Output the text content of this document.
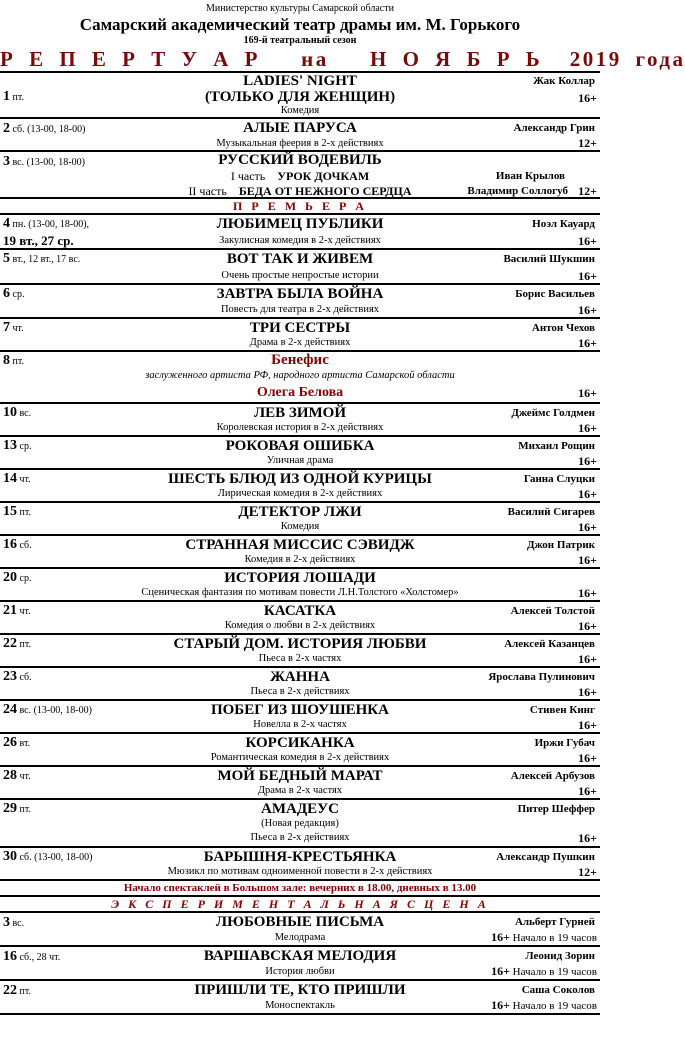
Министерство культуры Самарской области
Самарский академический театр драмы им. М. Горького
169-й театральный сезон
Р Е П Е Р Т У А Р   на   Н О Я Б Р Ь  2019 года
LADIES' NIGHT	Жак Коллар
1 пт.	(ТОЛЬКО ДЛЯ ЖЕНЩИН)	16+
Комедия
2 сб. (13-00, 18-00)	АЛЫЕ ПАРУСА	Александр Грин
Музыкальная феерия в 2-х действиях	12+
3 вс. (13-00, 18-00)	РУССКИЙ ВОДЕВИЛЬ
I часть УРОК ДОЧКАМ	Иван Крылов
II часть БЕДА ОТ НЕЖНОГО СЕРДЦА	Владимир Соллогуб 12+
П Р Е М Ь Е Р А
4 пн. (13-00, 18-00),
19 вт., 27 ср.
ЛЮБИМЕЦ ПУБЛИКИ	Ноэл Кауард
Закулисная комедия в 2-х действиях	16+
5 вт., 12 вт., 17 вс.	ВОТ ТАК И ЖИВЕМ	Василий Шукшин
Очень простые непростые истории	16+
6 ср.	ЗАВТРА БЫЛА ВОЙНА	Борис Васильев
Повесть для театра в 2-х действиях	16+
7 чт.	ТРИ СЕСТРЫ	Антон Чехов
Драма в 2-х действиях	16+
8 пт.	Бенефис
заслуженного артиста РФ, народного артиста Самарской области
Олега Белова	16+
10 вс.	ЛЕВ ЗИМОЙ	Джеймс Голдмен
Королевская история в 2-х действиях	16+
13 ср.	РОКОВАЯ ОШИБКА	Михаил Рощин
Уличная драма	16+
14 чт.	ШЕСТЬ БЛЮД ИЗ ОДНОЙ КУРИЦЫ	Ганна Слуцки
Лирическая комедия в 2-х действиях	16+
15 пт.	ДЕТЕКТОР ЛЖИ	Василий Сигарев
Комедия	16+
16 сб.	СТРАННАЯ МИССИС СЭВИДЖ	Джон Патрик
Комедия в 2-х действиях	16+
20 ср.	ИСТОРИЯ ЛОШАДИ
Сценическая фантазия по мотивам повести Л.Н.Толстого «Холстомер»	16+
21 чт.	КАСАТКА	Алексей Толстой
Комедия о любви в 2-х действиях	16+
22 пт.	СТАРЫЙ ДОМ. ИСТОРИЯ ЛЮБВИ	Алексей Казанцев
Пьеса в 2-х частях	16+
23 сб.	ЖАННА	Ярослава Пулинович
Пьеса в 2-х действиях	16+
24 вс. (13-00, 18-00)	ПОБЕГ ИЗ ШОУШЕНКА	Стивен Кинг
Новелла в 2-х частях	16+
26 вт.	КОРСИКАНКА	Иржи Губач
Романтическая комедия в 2-х действиях	16+
28 чт.	МОЙ БЕДНЫЙ МАРАТ	Алексей Арбузов
Драма в 2-х частях	16+
29 пт.	АМАДЕУС	Питер Шеффер
(Новая редакция)
Пьеса в 2-х действиях	16+
30 сб. (13-00, 18-00)	БАРЫШНЯ-КРЕСТЬЯНКА	Александр Пушкин
Мюзикл по мотивам одноименной повести в 2-х действиях	12+
Начало спектаклей в Большом зале: вечерних в 18.00, дневных в 13.00
Э К С П Е Р И М Е Н Т А Л Ь Н А Я С Ц Е Н А
3 вс.	ЛЮБОВНЫЕ ПИСЬМА	Альберт Гурней
Мелодрама	16+ Начало в 19 часов
16 сб., 28 чт.	ВАРШАВСКАЯ МЕЛОДИЯ	Леонид Зорин
История любви	16+ Начало в 19 часов
22 пт.	ПРИШЛИ ТЕ, КТО ПРИШЛИ	Саша Соколов
Моноспектакль	16+ Начало в 19 часов
